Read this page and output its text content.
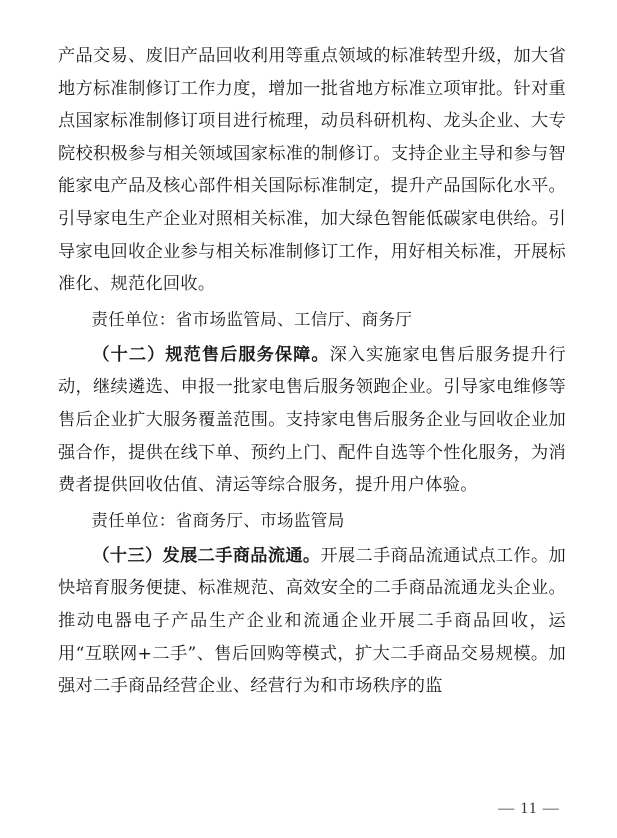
产品交易、废旧产品回收利用等重点领域的标准转型升级，加大省地方标准制修订工作力度，增加一批省地方标准立项审批。针对重点国家标准制修订项目进行梳理，动员科研机构、龙头企业、大专院校积极参与相关领域国家标准的制修订。支持企业主导和参与智能家电产品及核心部件相关国际标准制定，提升产品国际化水平。引导家电生产企业对照相关标准，加大绿色智能低碳家电供给。引导家电回收企业参与相关标准制修订工作，用好相关标准，开展标准化、规范化回收。

责任单位：省市场监管局、工信厅、商务厅

（十二）规范售后服务保障。深入实施家电售后服务提升行动，继续遴选、申报一批家电售后服务领跑企业。引导家电维修等售后企业扩大服务覆盖范围。支持家电售后服务企业与回收企业加强合作，提供在线下单、预约上门、配件自选等个性化服务，为消费者提供回收估值、清运等综合服务，提升用户体验。

责任单位：省商务厅、市场监管局

（十三）发展二手商品流通。开展二手商品流通试点工作。加快培育服务便捷、标准规范、高效安全的二手商品流通龙头企业。推动电器电子产品生产企业和流通企业开展二手商品回收，运用“互联网+二手”、售后回购等模式，扩大二手商品交易规模。加强对二手商品经营企业、经营行为和市场秩序的监

— 11 —
